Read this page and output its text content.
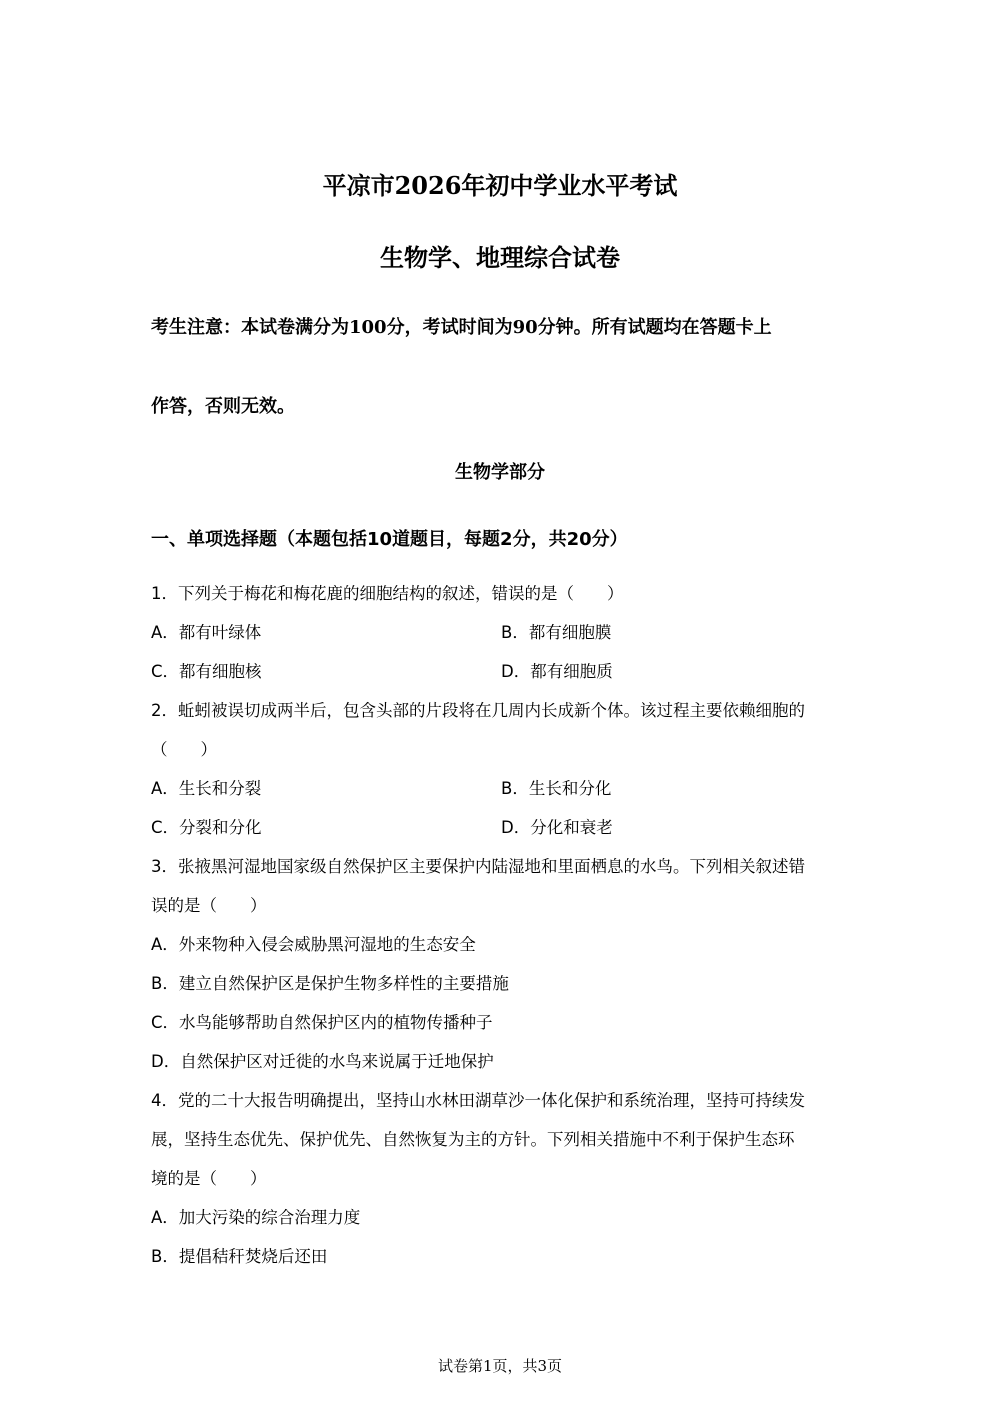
平凉市2026年初中学业水平考试
生物学、地理综合试卷
考生注意：本试卷满分为100分，考试时间为90分钟。所有试题均在答题卡上
作答，否则无效。
生物学部分
一、单项选择题（本题包括10道题目，每题2分，共20分）
1．下列关于梅花和梅花鹿的细胞结构的叙述，错误的是（　　）
A．都有叶绿体	B．都有细胞膜
C．都有细胞核	D．都有细胞质
2．蚯蚓被误切成两半后，包含头部的片段将在几周内长成新个体。该过程主要依赖细胞的
（　　）
A．生长和分裂	B．生长和分化
C．分裂和分化	D．分化和衰老
3．张掖黑河湿地国家级自然保护区主要保护内陆湿地和里面栖息的水鸟。下列相关叙述错
误的是（　　）
A．外来物种入侵会威胁黑河湿地的生态安全
B．建立自然保护区是保护生物多样性的主要措施
C．水鸟能够帮助自然保护区内的植物传播种子
D．自然保护区对迁徙的水鸟来说属于迁地保护
4．党的二十大报告明确提出，坚持山水林田湖草沙一体化保护和系统治理，坚持可持续发
展，坚持生态优先、保护优先、自然恢复为主的方针。下列相关措施中不利于保护生态环
境的是（　　）
A．加大污染的综合治理力度
B．提倡秸秆焚烧后还田
试卷第1页，共3页
